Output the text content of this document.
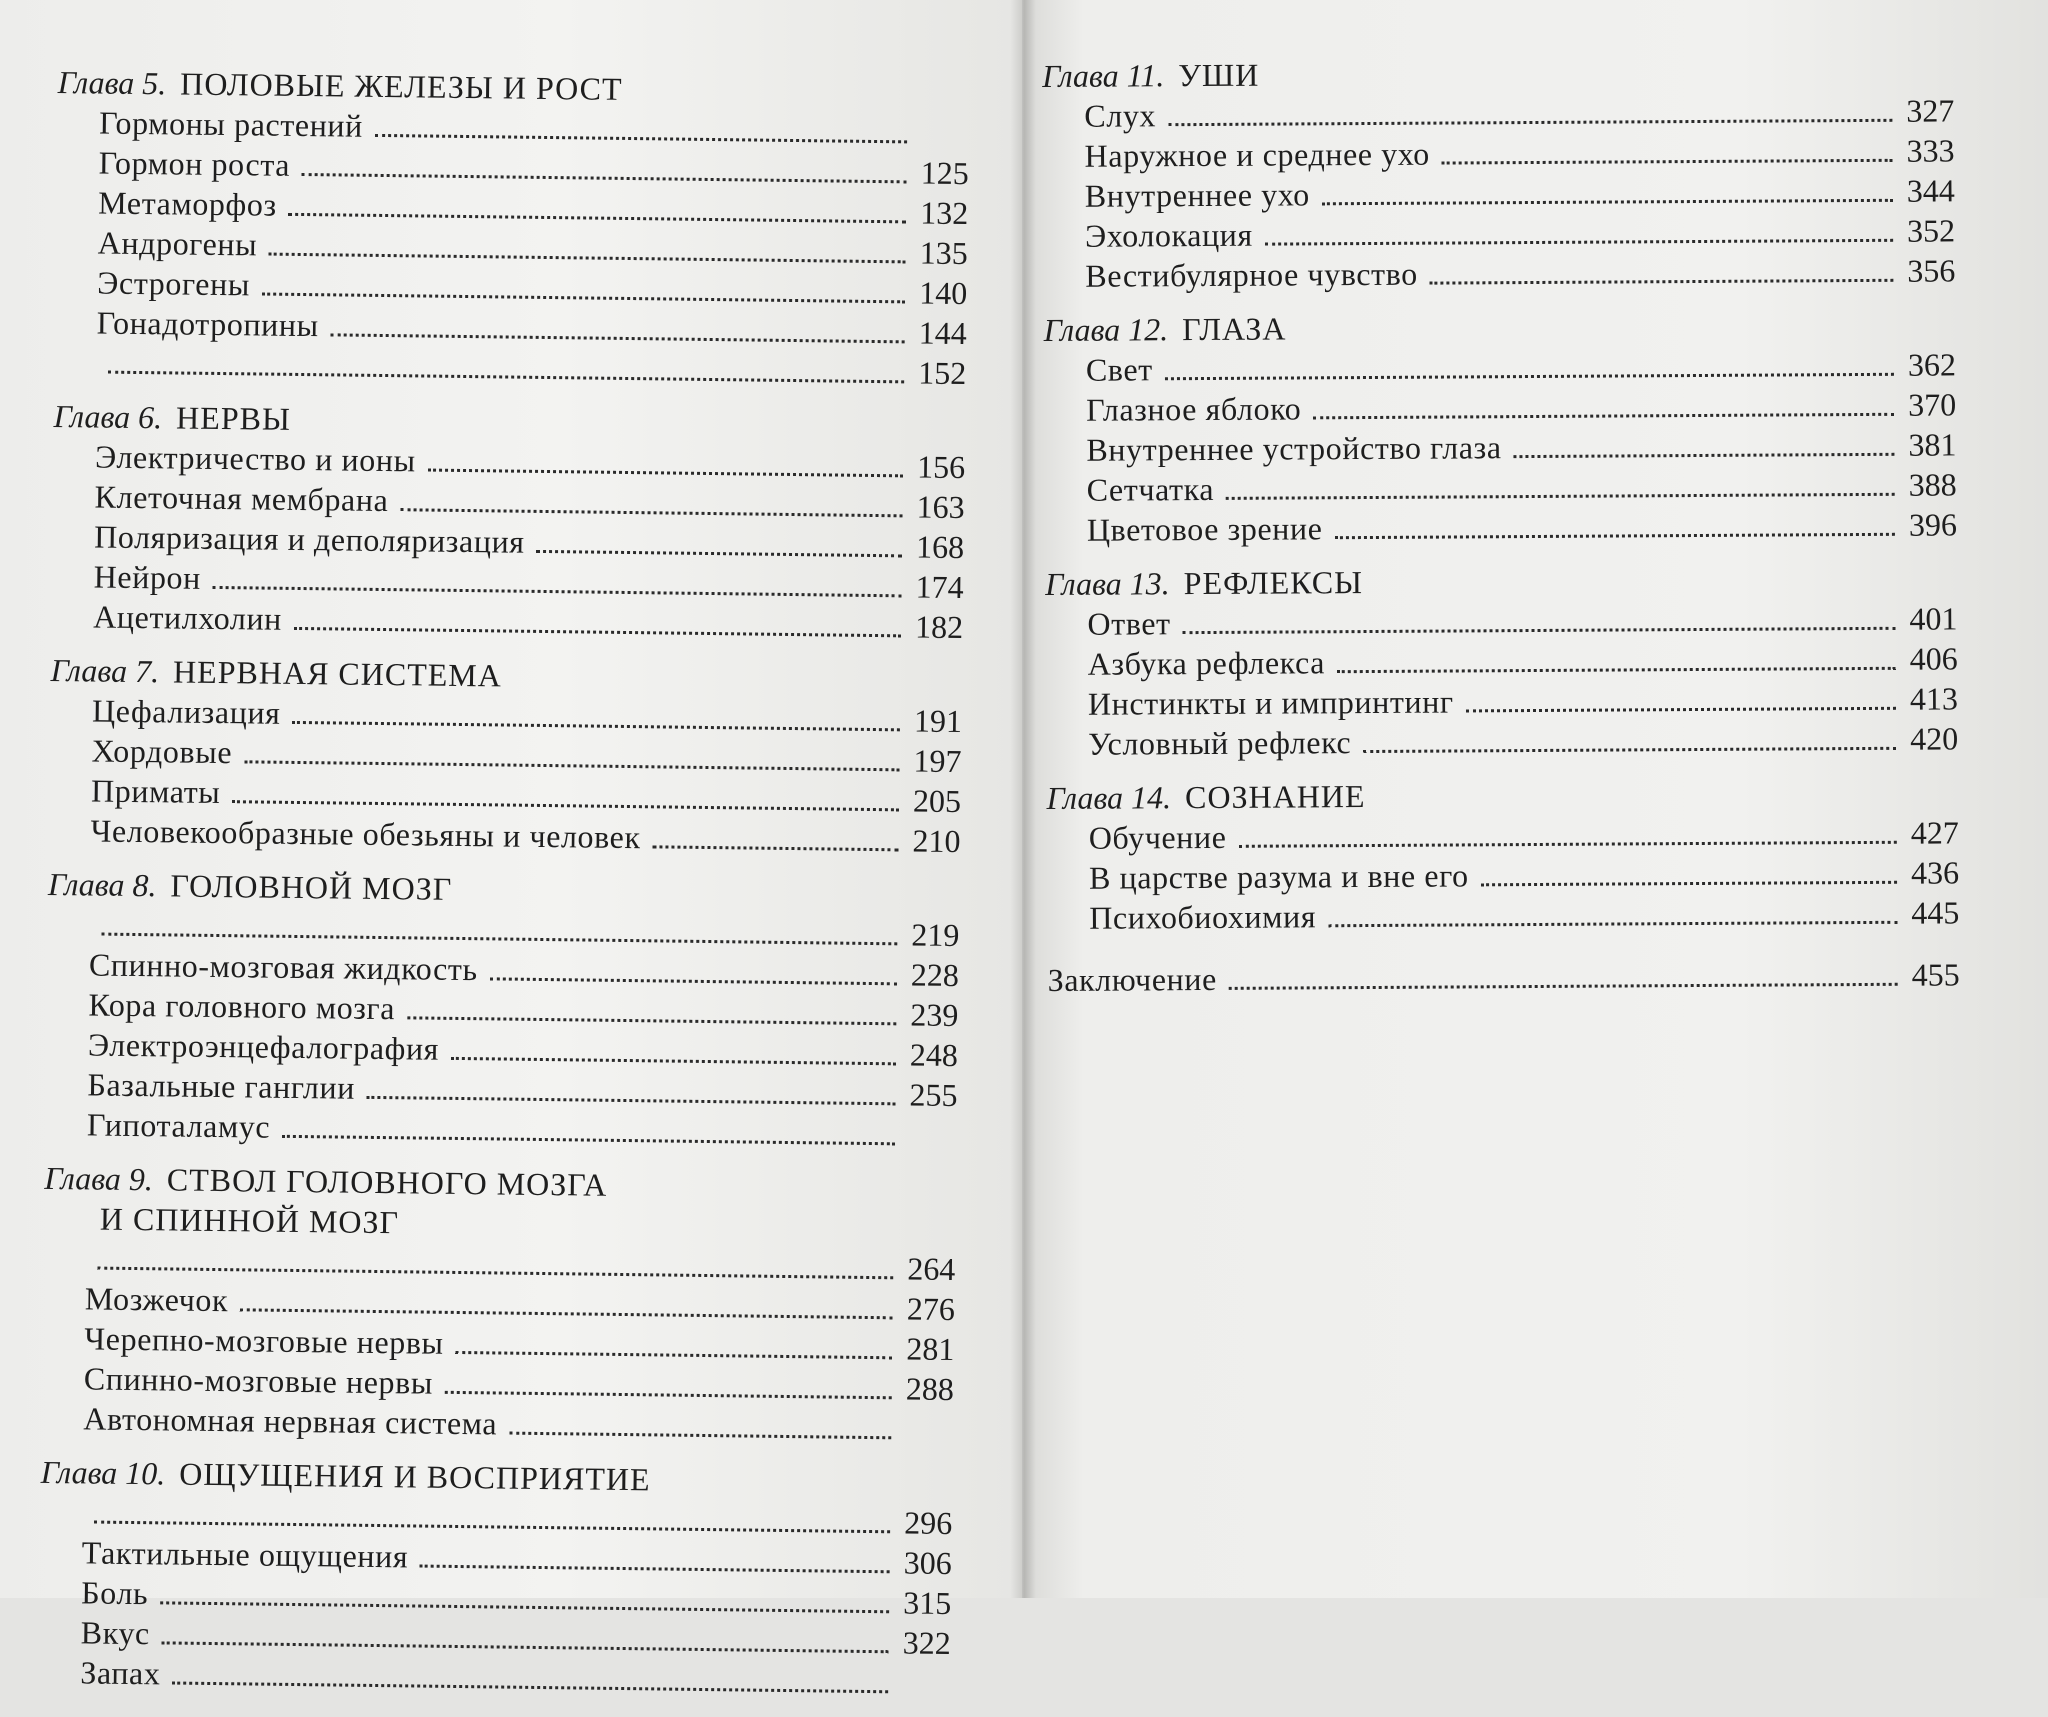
Глава 5. ПОЛОВЫЕ ЖЕЛЕЗЫ И РОСТ
Гормоны растений
Гормон роста	125
Метаморфоз	132
Андрогены	135
Эстрогены	140
Гонадотропины	144
152
Глава 6. НЕРВЫ
Электричество и ионы	156
Клеточная мембрана	163
Поляризация и деполяризация	168
Нейрон	174
Ацетилхолин	182
Глава 7. НЕРВНАЯ СИСТЕМА
Цефализация	191
Хордовые	197
Приматы	205
Человекообразные обезьяны и человек	210
Глава 8. ГОЛОВНОЙ МОЗГ
219
Спинно-мозговая жидкость	228
Кора головного мозга	239
Электроэнцефалография	248
Базальные ганглии	255
Гипоталамус
Глава 9. СТВОЛ ГОЛОВНОГО МОЗГА
И СПИННОЙ МОЗГ
264
Мозжечок	276
Черепно-мозговые нервы	281
Спинно-мозговые нервы	288
Автономная нервная система
Глава 10. ОЩУЩЕНИЯ И ВОСПРИЯТИЕ
296
Тактильные ощущения	306
Боль	315
Вкус	322
Запах
Глава 11. УШИ
Слух	327
Наружное и среднее ухо	333
Внутреннее ухо	344
Эхолокация	352
Вестибулярное чувство	356
Глава 12. ГЛАЗА
Свет	362
Глазное яблоко	370
Внутреннее устройство глаза	381
Сетчатка	388
Цветовое зрение	396
Глава 13. РЕФЛЕКСЫ
Ответ	401
Азбука рефлекса	406
Инстинкты и импринтинг	413
Условный рефлекс	420
Глава 14. СОЗНАНИЕ
Обучение	427
В царстве разума и вне его	436
Психобиохимия	445
Заключение	455
